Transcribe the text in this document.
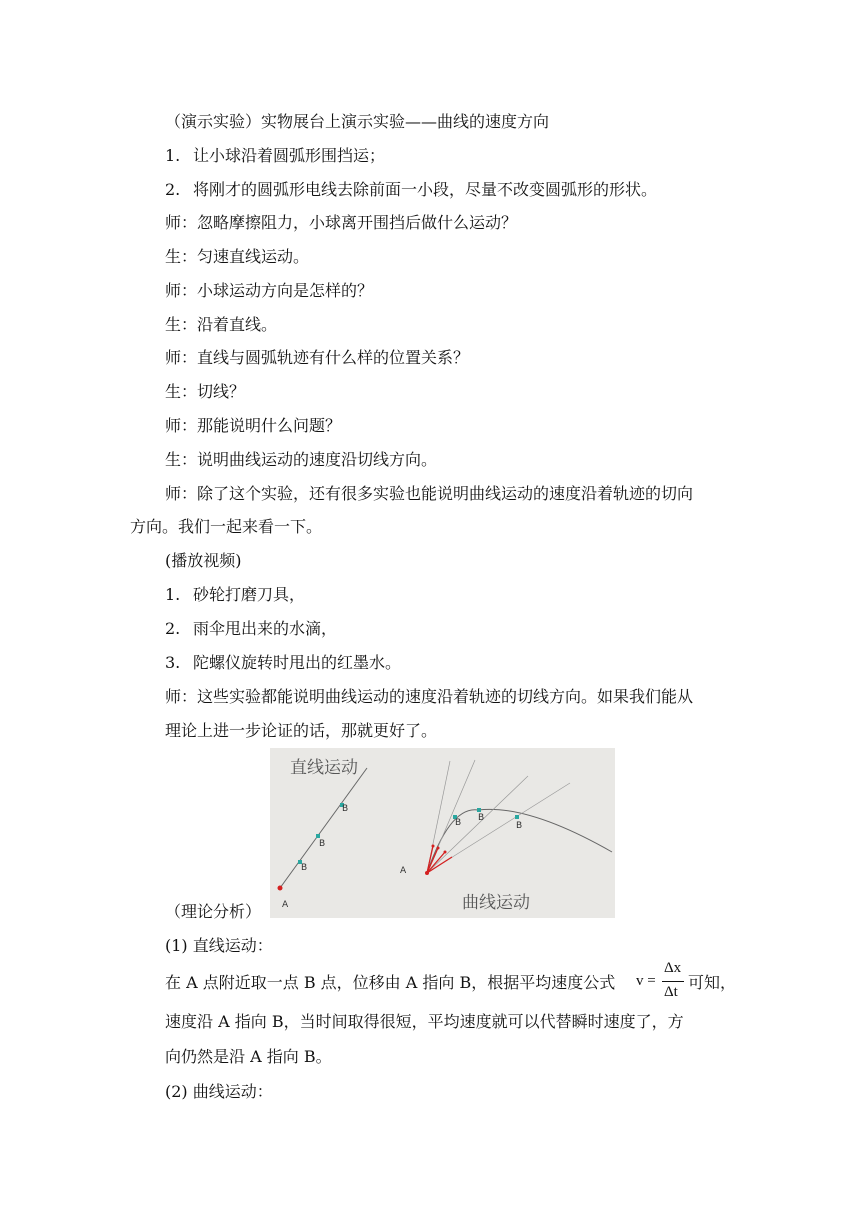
（演示实验）实物展台上演示实验——曲线的速度方向
1. 让小球沿着圆弧形围挡运；
2. 将刚才的圆弧形电线去除前面一小段，尽量不改变圆弧形的形状。
师：忽略摩擦阻力，小球离开围挡后做什么运动？
生：匀速直线运动。
师：小球运动方向是怎样的？
生：沿着直线。
师：直线与圆弧轨迹有什么样的位置关系？
生：切线？
师：那能说明什么问题？
生：说明曲线运动的速度沿切线方向。
师：除了这个实验，还有很多实验也能说明曲线运动的速度沿着轨迹的切向
方向。我们一起来看一下。
(播放视频)
1. 砂轮打磨刀具，
2. 雨伞甩出来的水滴，
3. 陀螺仪旋转时甩出的红墨水。
师：这些实验都能说明曲线运动的速度沿着轨迹的切线方向。如果我们能从
理论上进一步论证的话，那就更好了。
直线运动
A
B
B
B
A
B B
B
曲线运动
（理论分析）
(1) 直线运动：
在 A 点附近取一点 B 点，位移由 A 指向 B，根据平均速度公式 v =
Δx
Δt 可知，
速度沿 A 指向 B，当时间取得很短，平均速度就可以代替瞬时速度了，方
向仍然是沿 A 指向 B。
(2) 曲线运动：
